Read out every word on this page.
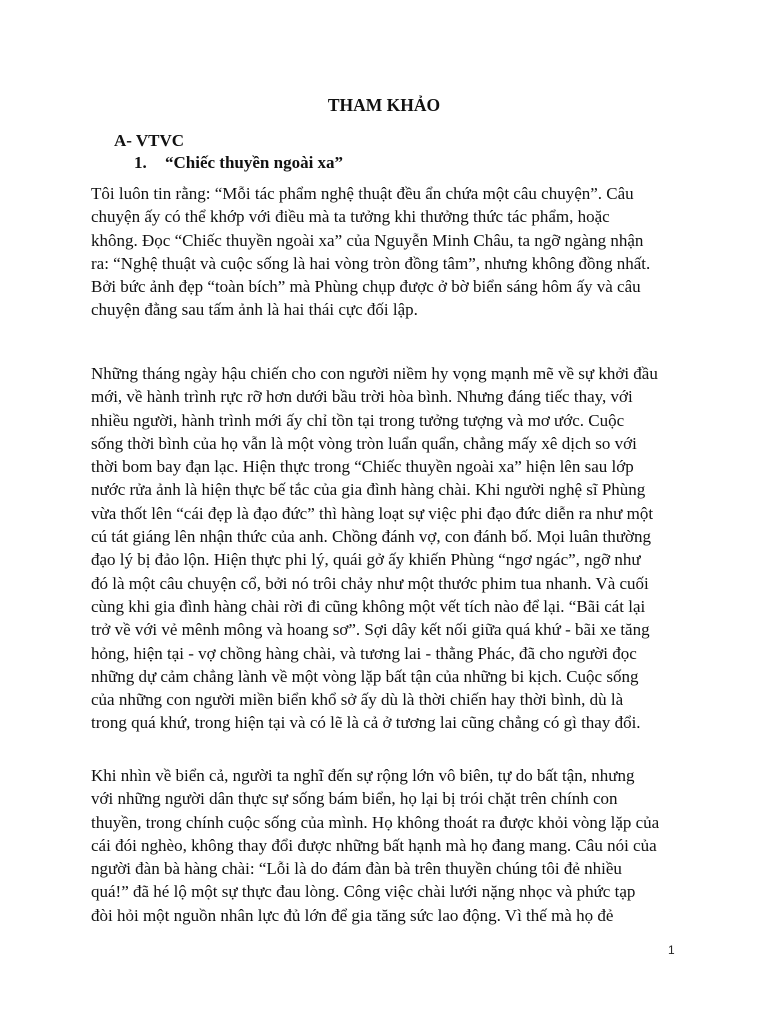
THAM KHẢO
A- VTVC
1. “Chiếc thuyền ngoài xa”

Tôi luôn tin rằng: “Mỗi tác phẩm nghệ thuật đều ẩn chứa một câu chuyện”. Câu
chuyện ấy có thể khớp với điều mà ta tưởng khi thưởng thức tác phẩm, hoặc
không. Đọc “Chiếc thuyền ngoài xa” của Nguyễn Minh Châu, ta ngỡ ngàng nhận
ra: “Nghệ thuật và cuộc sống là hai vòng tròn đồng tâm”, nhưng không đồng nhất.
Bởi bức ảnh đẹp “toàn bích” mà Phùng chụp được ở bờ biển sáng hôm ấy và câu
chuyện đằng sau tấm ảnh là hai thái cực đối lập.

Những tháng ngày hậu chiến cho con người niềm hy vọng mạnh mẽ về sự khởi đầu
mới, về hành trình rực rỡ hơn dưới bầu trời hòa bình. Nhưng đáng tiếc thay, với
nhiều người, hành trình mới ấy chỉ tồn tại trong tưởng tượng và mơ ước. Cuộc
sống thời bình của họ vẫn là một vòng tròn luẩn quẩn, chẳng mấy xê dịch so với
thời bom bay đạn lạc. Hiện thực trong “Chiếc thuyền ngoài xa” hiện lên sau lớp
nước rửa ảnh là hiện thực bế tắc của gia đình hàng chài. Khi người nghệ sĩ Phùng
vừa thốt lên “cái đẹp là đạo đức” thì hàng loạt sự việc phi đạo đức diễn ra như một
cú tát giáng lên nhận thức của anh. Chồng đánh vợ, con đánh bố. Mọi luân thường
đạo lý bị đảo lộn. Hiện thực phi lý, quái gở ấy khiến Phùng “ngơ ngác”, ngỡ như
đó là một câu chuyện cổ, bởi nó trôi chảy như một thước phim tua nhanh. Và cuối
cùng khi gia đình hàng chài rời đi cũng không một vết tích nào để lại. “Bãi cát lại
trở về với vẻ mênh mông và hoang sơ”. Sợi dây kết nối giữa quá khứ - bãi xe tăng
hỏng, hiện tại - vợ chồng hàng chài, và tương lai - thằng Phác, đã cho người đọc
những dự cảm chẳng lành về một vòng lặp bất tận của những bi kịch. Cuộc sống
của những con người miền biển khổ sở ấy dù là thời chiến hay thời bình, dù là
trong quá khứ, trong hiện tại và có lẽ là cả ở tương lai cũng chẳng có gì thay đổi.

Khi nhìn về biển cả, người ta nghĩ đến sự rộng lớn vô biên, tự do bất tận, nhưng
với những người dân thực sự sống bám biển, họ lại bị trói chặt trên chính con
thuyền, trong chính cuộc sống của mình. Họ không thoát ra được khỏi vòng lặp của
cái đói nghèo, không thay đổi được những bất hạnh mà họ đang mang. Câu nói của
người đàn bà hàng chài: “Lỗi là do đám đàn bà trên thuyền chúng tôi đẻ nhiều
quá!” đã hé lộ một sự thực đau lòng. Công việc chài lưới nặng nhọc và phức tạp
đòi hỏi một nguồn nhân lực đủ lớn để gia tăng sức lao động. Vì thế mà họ đẻ

1
